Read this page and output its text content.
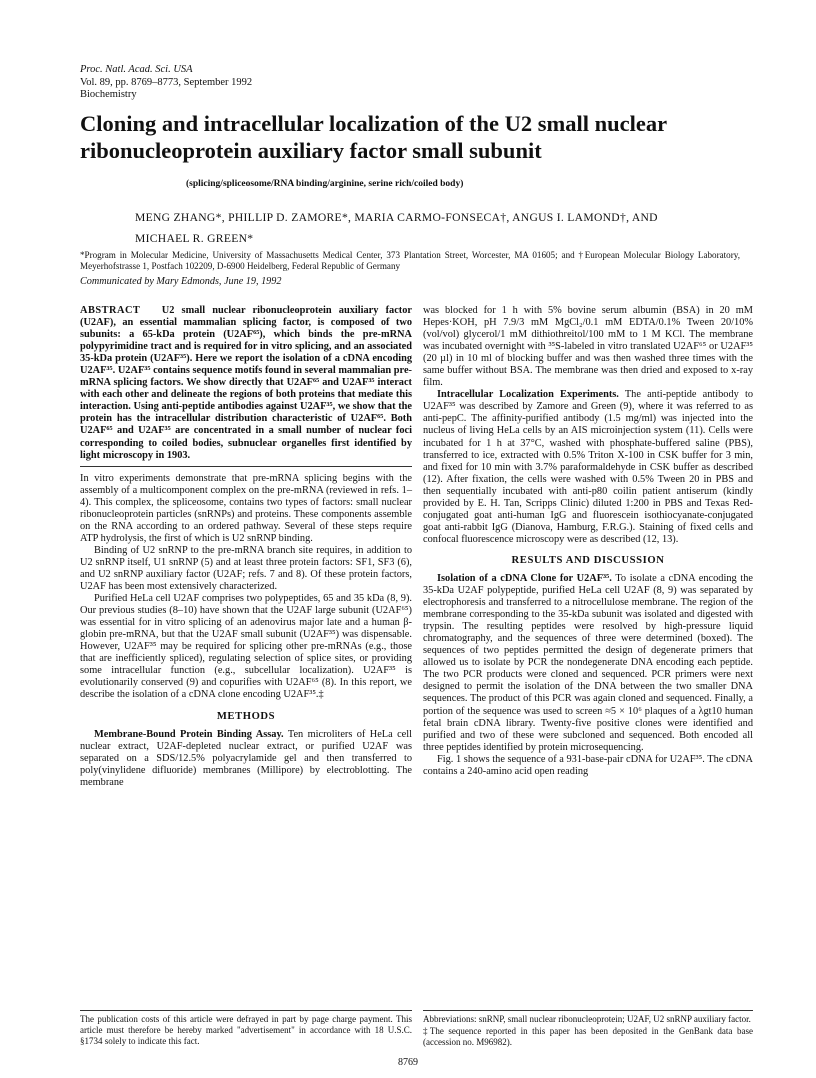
Proc. Natl. Acad. Sci. USA
Vol. 89, pp. 8769–8773, September 1992
Biochemistry
Cloning and intracellular localization of the U2 small nuclear ribonucleoprotein auxiliary factor small subunit
(splicing/spliceosome/RNA binding/arginine, serine rich/coiled body)
MENG ZHANG*, PHILLIP D. ZAMORE*, MARIA CARMO-FONSECA†, ANGUS I. LAMOND†, AND MICHAEL R. GREEN*
*Program in Molecular Medicine, University of Massachusetts Medical Center, 373 Plantation Street, Worcester, MA 01605; and †European Molecular Biology Laboratory, Meyerhofstrasse 1, Postfach 102209, D-6900 Heidelberg, Federal Republic of Germany
Communicated by Mary Edmonds, June 19, 1992

ABSTRACT U2 small nuclear ribonucleoprotein auxiliary factor (U2AF), an essential mammalian splicing factor, is composed of two subunits: a 65-kDa protein (U2AF⁶⁵), which binds the pre-mRNA polypyrimidine tract and is required for in vitro splicing, and an associated 35-kDa protein (U2AF³⁵). Here we report the isolation of a cDNA encoding U2AF³⁵. U2AF³⁵ contains sequence motifs found in several mammalian pre-mRNA splicing factors. We show directly that U2AF⁶⁵ and U2AF³⁵ interact with each other and delineate the regions of both proteins that mediate this interaction. Using anti-peptide antibodies against U2AF³⁵, we show that the protein has the intracellular distribution characteristic of U2AF⁶⁵. Both U2AF⁶⁵ and U2AF³⁵ are concentrated in a small number of nuclear foci corresponding to coiled bodies, subnuclear organelles first identified by light microscopy in 1903.

In vitro experiments demonstrate that pre-mRNA splicing begins with the assembly of a multicomponent complex on the pre-mRNA (reviewed in refs. 1–4). This complex, the spliceosome, contains two types of factors: small nuclear ribonucleoprotein particles (snRNPs) and proteins. These components assemble on the RNA according to an ordered pathway. Several of these steps require ATP hydrolysis, the first of which is U2 snRNP binding.

Binding of U2 snRNP to the pre-mRNA branch site requires, in addition to U2 snRNP itself, U1 snRNP (5) and at least three protein factors: SF1, SF3 (6), and U2 snRNP auxiliary factor (U2AF; refs. 7 and 8). Of these protein factors, U2AF has been most extensively characterized.

Purified HeLa cell U2AF comprises two polypeptides, 65 and 35 kDa (8, 9). Our previous studies (8–10) have shown that the U2AF large subunit (U2AF⁶⁵) was essential for in vitro splicing of an adenovirus major late and a human β-globin pre-mRNA, but that the U2AF small subunit (U2AF³⁵) was dispensable. However, U2AF³⁵ may be required for splicing other pre-mRNAs (e.g., those that are inefficiently spliced), regulating selection of splice sites, or providing some intracellular function (e.g., subcellular localization). U2AF³⁵ is evolutionarily conserved (9) and copurifies with U2AF⁶⁵ (8). In this report, we describe the isolation of a cDNA clone encoding U2AF³⁵.‡

METHODS

Membrane-Bound Protein Binding Assay. Ten microliters of HeLa cell nuclear extract, U2AF-depleted nuclear extract, or purified U2AF was separated on a SDS/12.5% polyacrylamide gel and then transferred to poly(vinylidene difluoride) membranes (Millipore) by electroblotting. The membrane

was blocked for 1 h with 5% bovine serum albumin (BSA) in 20 mM Hepes·KOH, pH 7.9/3 mM MgCl₂/0.1 mM EDTA/0.1% Tween 20/10% (vol/vol) glycerol/1 mM dithiothreitol/100 mM to 1 M KCl. The membrane was incubated overnight with ³⁵S-labeled in vitro translated U2AF⁶⁵ or U2AF³⁵ (20 µl) in 10 ml of blocking buffer and was then washed three times with the same buffer without BSA. The membrane was then dried and exposed to x-ray film.

Intracellular Localization Experiments. The anti-peptide antibody to U2AF³⁵ was described by Zamore and Green (9), where it was referred to as anti-pepC. The affinity-purified antibody (1.5 mg/ml) was injected into the nucleus of living HeLa cells by an AIS microinjection system (11). Cells were incubated for 1 h at 37°C, washed with phosphate-buffered saline (PBS), transferred to ice, extracted with 0.5% Triton X-100 in CSK buffer for 3 min, and fixed for 10 min with 3.7% paraformaldehyde in CSK buffer as described (12). After fixation, the cells were washed with 0.5% Tween 20 in PBS and then sequentially incubated with anti-p80 coilin patient antiserum (kindly provided by E. H. Tan, Scripps Clinic) diluted 1:200 in PBS and Texas Red-conjugated goat anti-human IgG and fluorescein isothiocyanate-conjugated goat anti-rabbit IgG (Dianova, Hamburg, F.R.G.). Staining of fixed cells and confocal fluorescence microscopy were as described (12, 13).

RESULTS AND DISCUSSION

Isolation of a cDNA Clone for U2AF³⁵. To isolate a cDNA encoding the 35-kDa U2AF polypeptide, purified HeLa cell U2AF (8, 9) was separated by electrophoresis and transferred to a nitrocellulose membrane. The region of the membrane corresponding to the 35-kDa subunit was isolated and digested with trypsin. The resulting peptides were resolved by high-pressure liquid chromatography, and the sequences of three were determined (boxed). The sequences of two peptides permitted the design of degenerate primers that allowed us to isolate by PCR the nondegenerate DNA encoding each peptide. The two PCR products were cloned and sequenced. PCR primers were next designed to permit the isolation of the DNA between the two smaller DNA sequences. The product of this PCR was again cloned and sequenced. Finally, a portion of the sequence was used to screen ≈5 × 10⁶ plaques of a λgt10 human fetal brain cDNA library. Twenty-five positive clones were identified and purified and two of these were subcloned and sequenced. Both encoded all three peptides identified by protein microsequencing.

Fig. 1 shows the sequence of a 931-base-pair cDNA for U2AF³⁵. The cDNA contains a 240-amino acid open reading

The publication costs of this article were defrayed in part by page charge payment. This article must therefore be hereby marked "advertisement" in accordance with 18 U.S.C. §1734 solely to indicate this fact.
Abbreviations: snRNP, small nuclear ribonucleoprotein; U2AF, U2 snRNP auxiliary factor.
‡The sequence reported in this paper has been deposited in the GenBank data base (accession no. M96982).
8769
